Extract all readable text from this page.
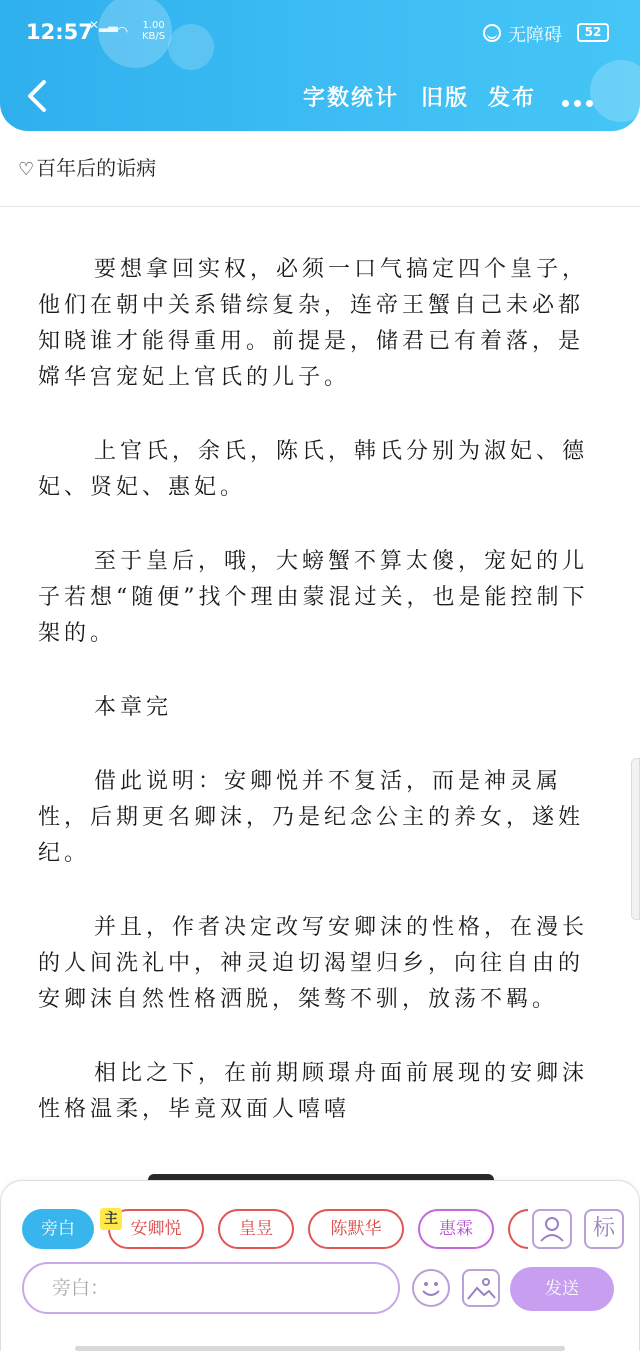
12:57
✕▂▃
◠ 1.00
KB/S	无障碍	52
字数统计 旧版 发布
♡ 百年后的诟病

要想拿回实权，必须一口气搞定四个皇子，他们在朝中关系错综复杂，连帝王蟹自己未必都知晓谁才能得重用。前提是，储君已有着落，是嫦华宫宠妃上官氏的儿子。

上官氏，余氏，陈氏，韩氏分别为淑妃、德妃、贤妃、惠妃。

至于皇后，哦，大螃蟹不算太傻，宠妃的儿子若想“随便”找个理由蒙混过关，也是能控制下架的。

本章完

借此说明：安卿悦并不复活，而是神灵属性，后期更名卿沫，乃是纪念公主的养女，遂姓纪。

并且，作者决定改写安卿沫的性格，在漫长的人间洗礼中，神灵迫切渴望归乡，向往自由的安卿沫自然性格洒脱，桀骜不驯，放荡不羁。

相比之下，在前期顾璟舟面前展现的安卿沫性格温柔，毕竟双面人嘻嘻

旁白	安卿悦
主	皇昱	陈默华	惠霖	标
旁白：	发送
